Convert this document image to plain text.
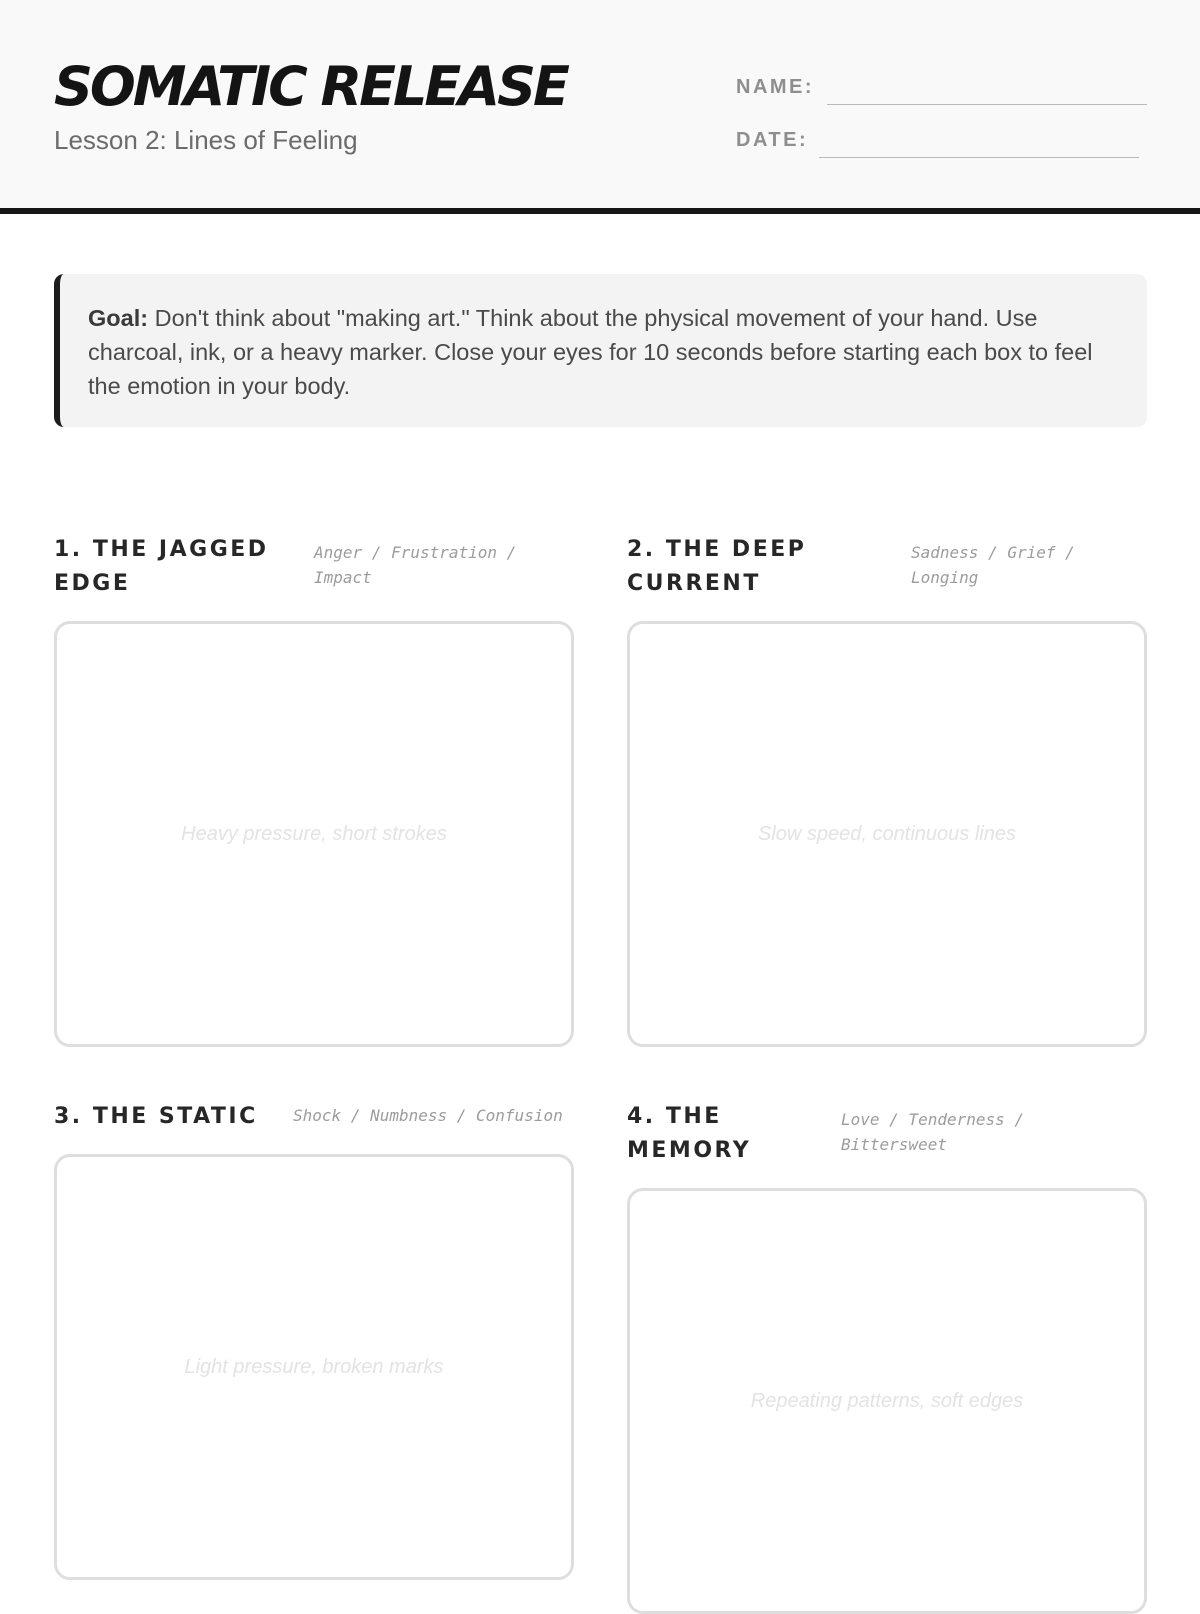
SOMATIC RELEASE
Lesson 2: Lines of Feeling
NAME:
DATE:
Goal: Don't think about "making art." Think about the physical movement of your hand. Use charcoal, ink, or a heavy marker. Close your eyes for 10 seconds before starting each box to feel the emotion in your body.
1. THE JAGGED
EDGE
Anger / Frustration /
Impact
Heavy pressure, short strokes
2. THE DEEP
CURRENT
Sadness / Grief /
Longing
Slow speed, continuous lines
3. THE STATIC Shock / Numbness / Confusion
Light pressure, broken marks
4. THE
MEMORY
Love / Tenderness /
Bittersweet
Repeating patterns, soft edges
